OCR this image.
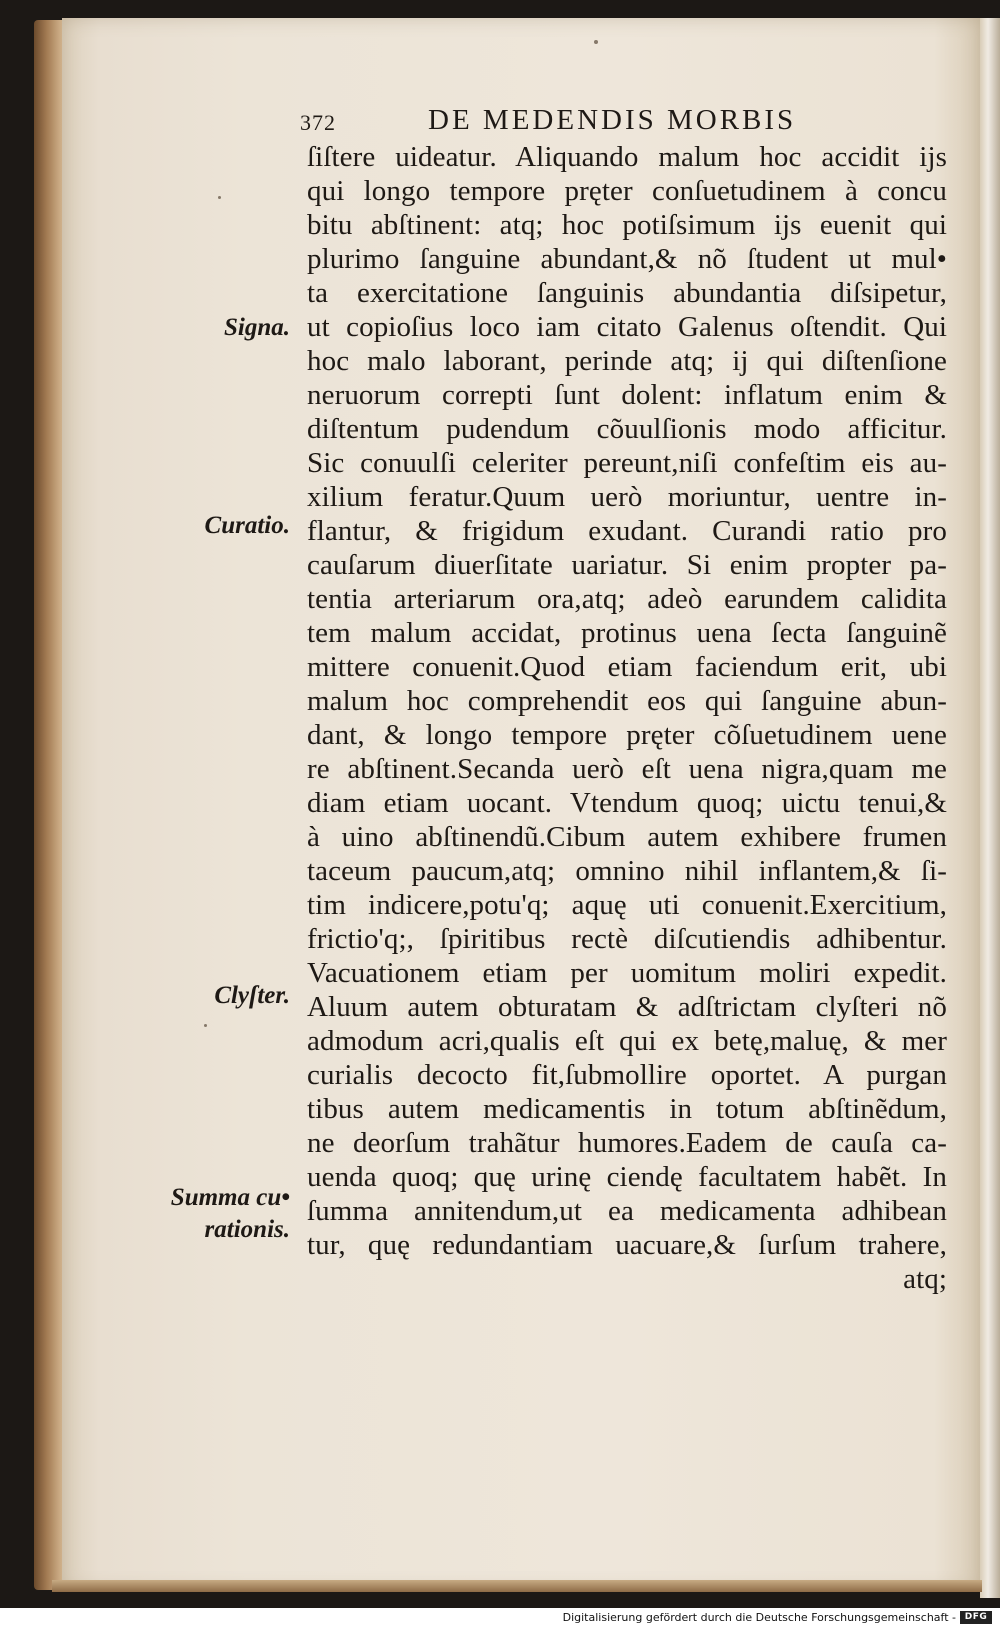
372	DE MEDENDIS MORBIS
Signa.
Curatio.
Clyſter.
Summa cu•
rationis.
ſiſtere uideatur. Aliquando malum hoc accidit ijs
qui longo tempore pręter conſuetudinem à concu
bitu abſtinent: atq; hoc potiſsimum ijs euenit qui
plurimo ſanguine abundant,& nõ ſtudent ut mul•
ta exercitatione ſanguinis abundantia diſsipetur,
ut copioſius loco iam citato Galenus oſtendit. Qui
hoc malo laborant, perinde atq; ij qui diſtenſione
neruorum correpti ſunt dolent: inflatum enim &
diſtentum pudendum cõuulſionis modo afficitur.
Sic conuulſi celeriter pereunt,niſi confeſtim eis au-
xilium feratur.Quum uerò moriuntur, uentre in-
flantur, & frigidum exudant. Curandi ratio pro
cauſarum diuerſitate uariatur. Si enim propter pa-
tentia arteriarum ora,atq; adeò earundem calidita
tem malum accidat, protinus uena ſecta ſanguinẽ
mittere conuenit.Quod etiam faciendum erit, ubi
malum hoc comprehendit eos qui ſanguine abun-
dant, & longo tempore pręter cõſuetudinem uene
re abſtinent.Secanda uerò eſt uena nigra,quam me
diam etiam uocant. Vtendum quoq; uictu tenui,&
à uino abſtinendũ.Cibum autem exhibere frumen
taceum paucum,atq; omnino nihil inflantem,& ſi-
tim indicere,potu'q; aquę uti conuenit.Exercitium,
frictio'q;, ſpiritibus rectè diſcutiendis adhibentur.
Vacuationem etiam per uomitum moliri expedit.
Aluum autem obturatam & adſtrictam clyſteri nõ
admodum acri,qualis eſt qui ex betę,maluę, & mer
curialis decocto fit,ſubmollire oportet. A purgan
tibus autem medicamentis in totum abſtinẽdum,
ne deorſum trahãtur humores.Eadem de cauſa ca-
uenda quoq; quę urinę ciendę facultatem habẽt. In
ſumma annitendum,ut ea medicamenta adhibean
tur, quę redundantiam uacuare,& ſurſum trahere,
atq;
Digitalisierung gefördert durch die Deutsche Forschungsgemeinschaft - DFG
